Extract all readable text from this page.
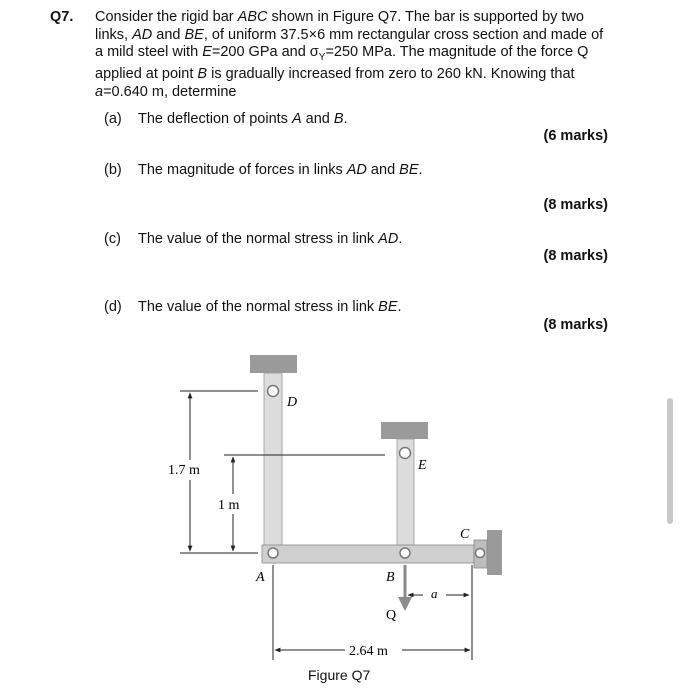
Q7. Consider the rigid bar ABC shown in Figure Q7. The bar is supported by two links, AD and BE, of uniform 37.5×6 mm rectangular cross section and made of a mild steel with E=200 GPa and $\sigma_Y=250$ MPa. The magnitude of the force Q applied at point B is gradually increased from zero to 260 kN. Knowing that a=0.640 m, determine
(a) The deflection of points A and B.
(6 marks)
(b) The magnitude of forces in links AD and BE.
(8 marks)
(c) The value of the normal stress in link AD.
(8 marks)
(d) The value of the normal stress in link BE.
(8 marks)
D
E
C
A	B
Q
a
1.7 m
1 m
2.64 m
Figure Q7
